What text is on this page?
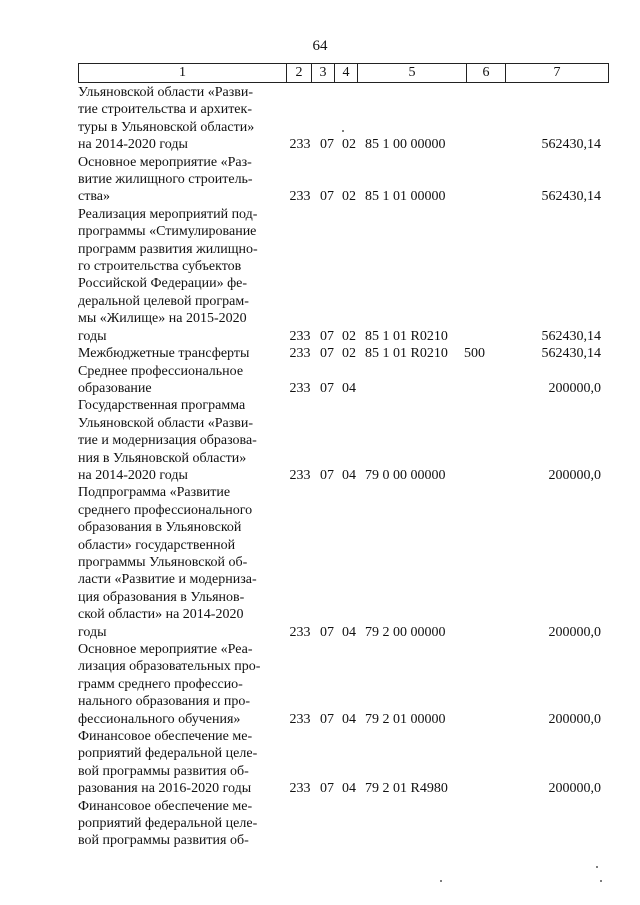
64
1	2	3	4	5	6	7
Ульяновской области «Разви-
тие строительства и архитек-
туры в Ульяновской области»
на 2014-2020 годы	233 07 02 85 1 00 00000	562430,14
Основное мероприятие «Раз-
витие жилищного строитель-
ства»	233 07 02 85 1 01 00000	562430,14
Реализация мероприятий под-
программы «Стимулирование
программ развития жилищно-
го строительства субъектов
Российской Федерации» фе-
деральной целевой програм-
мы «Жилище» на 2015-2020
годы	233 07 02 85 1 01 R0210	562430,14
Межбюджетные трансферты	233 07 02 85 1 01 R0210	500	562430,14
Среднее профессиональное
образование	233 07 04	200000,0
Государственная программа
Ульяновской области «Разви-
тие и модернизация образова-
ния в Ульяновской области»
на 2014-2020 годы	233 07 04 79 0 00 00000	200000,0
Подпрограмма «Развитие
среднего профессионального
образования в Ульяновской
области» государственной
программы Ульяновской об-
ласти «Развитие и модерниза-
ция образования в Ульянов-
ской области» на 2014-2020
годы	233 07 04 79 2 00 00000	200000,0
Основное мероприятие «Реа-
лизация образовательных про-
грамм среднего профессио-
нального образования и про-
фессионального обучения»	233 07 04 79 2 01 00000	200000,0
Финансовое обеспечение ме-
роприятий федеральной целе-
вой программы развития об-
разования на 2016-2020 годы	233 07 04 79 2 01 R4980	200000,0
Финансовое обеспечение ме-
роприятий федеральной целе-
вой программы развития об-
